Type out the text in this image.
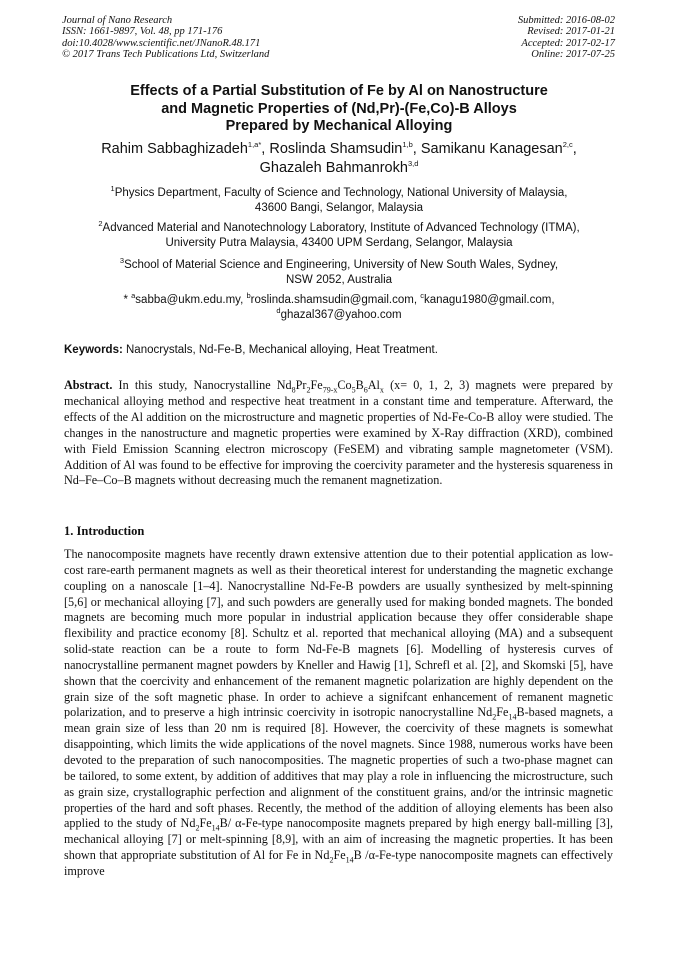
Journal of Nano Research
ISSN: 1661-9897, Vol. 48, pp 171-176
doi:10.4028/www.scientific.net/JNanoR.48.171
© 2017 Trans Tech Publications Ltd, Switzerland
Submitted: 2016-08-02
Revised: 2017-01-21
Accepted: 2017-02-17
Online: 2017-07-25
Effects of a Partial Substitution of Fe by Al on Nanostructure
and Magnetic Properties of (Nd,Pr)-(Fe,Co)-B Alloys
Prepared by Mechanical Alloying
Rahim Sabbaghizadeh$^{1,a*}$, Roslinda Shamsudin$^{1,b}$, Samikanu Kanagesan$^{2,c}$,
Ghazaleh Bahmanrokh$^{3,d}$
$^1$Physics Department, Faculty of Science and Technology, National University of Malaysia,
43600 Bangi, Selangor, Malaysia
$^2$Advanced Material and Nanotechnology Laboratory, Institute of Advanced Technology (ITMA),
University Putra Malaysia, 43400 UPM Serdang, Selangor, Malaysia
$^3$School of Material Science and Engineering, University of New South Wales, Sydney,
NSW 2052, Australia
* $^a$sabba@ukm.edu.my, $^b$roslinda.shamsudin@gmail.com, $^c$kanagu1980@gmail.com,
$^d$ghazal367@yahoo.com
Keywords: Nanocrystals, Nd-Fe-B, Mechanical alloying, Heat Treatment.
Abstract. In this study, Nanocrystalline $Nd_8Pr_2Fe_{79-x}Co_5B_6Al_x$ (x= 0, 1, 2, 3) magnets were prepared by mechanical alloying method and respective heat treatment in a constant time and temperature. Afterward, the effects of the Al addition on the microstructure and magnetic properties of Nd-Fe-Co-B alloy were studied. The changes in the nanostructure and magnetic properties were examined by X-Ray diffraction (XRD), combined with Field Emission Scanning electron microscopy (FeSEM) and vibrating sample magnetometer (VSM). Addition of Al was found to be effective for improving the coercivity parameter and the hysteresis squareness in Nd–Fe–Co–B magnets without decreasing much the remanent magnetization.
1. Introduction
The nanocomposite magnets have recently drawn extensive attention due to their potential application as low-cost rare-earth permanent magnets as well as their theoretical interest for understanding the magnetic exchange coupling on a nanoscale [1–4]. Nanocrystalline Nd-Fe-B powders are usually synthesized by melt-spinning [5,6] or mechanical alloying [7], and such powders are generally used for making bonded magnets. The bonded magnets are becoming much more popular in industrial application because they offer considerable shape flexibility and practice economy [8]. Schultz et al. reported that mechanical alloying (MA) and a subsequent solid-state reaction can be a route to form Nd-Fe-B magnets [6]. Modelling of hysteresis curves of nanocrystalline permanent magnet powders by Kneller and Hawig [1], Schrefl et al. [2], and Skomski [5], have shown that the coercivity and enhancement of the remanent magnetic polarization are highly dependent on the grain size of the soft magnetic phase. In order to achieve a signifcant enhancement of remanent magnetic polarization, and to preserve a high intrinsic coercivity in isotropic nanocrystalline $Nd_2Fe_{14}B$-based magnets, a mean grain size of less than 20 nm is required [8]. However, the coercivity of these magnets is somewhat disappointing, which limits the wide applications of the novel magnets. Since 1988, numerous works have been devoted to the preparation of such nanocomposities. The magnetic properties of such a two-phase magnet can be tailored, to some extent, by addition of additives that may play a role in influencing the microstructure, such as grain size, crystallographic perfection and alignment of the constituent grains, and/or the intrinsic magnetic properties of the hard and soft phases. Recently, the method of the addition of alloying elements has been also applied to the study of $Nd_2Fe_{14}B/$ α-Fe-type nanocomposite magnets prepared by high energy ball-milling [3], mechanical alloying [7] or melt-spinning [8,9], with an aim of increasing the magnetic properties. It has been shown that appropriate substitution of Al for Fe in $Nd_2Fe_{14}B$ /α-Fe-type nanocomposite magnets can effectively improve
